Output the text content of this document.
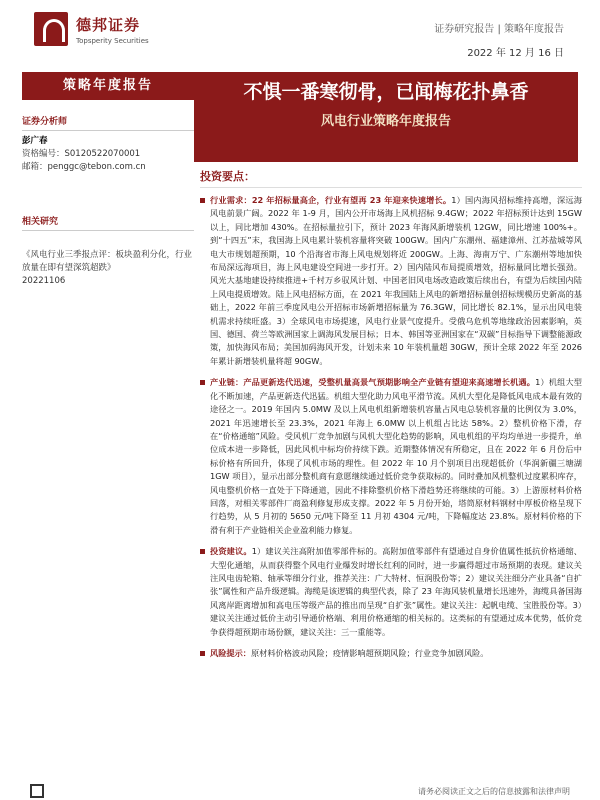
德邦证券
Topsperity Securities
证券研究报告 | 策略年度报告
2022 年 12 月 16 日
策略年度报告
证券分析师
彭广春
资格编号：S0120522070001
邮箱：penggc@tebon.com.cn
相关研究
《风电行业三季报点评：板块盈利分化，行业放量在即有望深筑超跌》
20221106
不惧一番寒彻骨，已闻梅花扑鼻香
风电行业策略年度报告
投资要点：
行业需求：22 年招标量高企，行业有望再 23 年迎来快速增长。1）国内海风招标维持高增，深远海风电前景广阔。2022 年 1-9 月，国内公开市场海上风机招标 9.4GW；2022 年招标预计达到 15GW 以上，同比增加 430%。在招标量拉引下，预计 2023 年海风新增装机 12GW，同比增速 100%+。到“十四五”末，我国海上风电累计装机容量将突破 100GW。国内广东潮州、福建漳州、江苏盐城等风电大市规划超预期，10 个沿海省市海上风电规划将近 200GW。上海、海南万宁、广东潮州等地加快布局深远海项目，海上风电建设空间进一步打开。2）国内陆风布局提质增效，招标量同比增长强劲。风光大基地建设持续推进+千村万乡驭风计划、中国老旧风电场改造政策后续出台，有望为后续国内陆上风电提质增效。陆上风电招标方面，在 2021 年我国陆上风电的新增招标量创招标规模历史新高的基础上，2022 年前三季度风电公开招标市场新增招标量为 76.3GW，同比增长 82.1%，显示出风电装机需求持续旺盛。3）全球风电市场提速，风电行业景气度提升。受俄乌危机等地缘政治因素影响，英国、德国、荷兰等欧洲国家上调海风发展目标；日本、韩国等亚洲国家在“双碳”目标指导下调整能源政策，加快海风布局；美国加码海风开发，计划未来 10 年装机量超 30GW，预计全球 2022 年至 2026 年累计新增装机量将超 90GW。
产业链：产品更新迭代迅速，受整机量高景气预期影响全产业链有望迎来高速增长机遇。1）机组大型化不断加速，产品更新迭代迅猛。机组大型化助力风电平滑节流。风机大型化是降低风电成本最有效的途径之一。2019 年国内 5.0MW 及以上风电机组新增装机容量占风电总装机容量的比例仅为 3.0%，2021 年迅速增长至 23.3%，2021 年海上 6.0MW 以上机组占比达 58%。2）整机价格下滑，存在“价格通缩”风险。受风机厂竞争加剧与风机大型化趋势的影响，风电机组的平均均单进一步提升，单位成本进一步降低，因此风机中标均价持续下跌。近期整体情况有所稳定，且在 2022 年 6 月份后中标价格有所回升，体现了风机市场的理性。但 2022 年 10 月个别项目出现超低价（华润新疆三塘湖 1GW 项目），显示出部分整机商有意愿继续通过低价竞争获取标的。同时叠加风机整机过度累积库存，风电整机价格一直处于下降通道，因此不排除整机价格下滑趋势还将继续的可能。3）上游原材料价格回落，对相关零部件厂商盈利修复形成支撑。2022 年 5 月份开始，塔筒原材料钢材中厚板价格呈现下行趋势，从 5 月初的 5650 元/吨下降至 11 月初 4304 元/吨，下降幅度达 23.8%。原材料价格的下滑有利于产业链相关企业盈利能力修复。
投资建议。1）建议关注高附加值零部件标的。高附加值零部件有望通过自身价值属性抵抗价格通缩、大型化通缩，从而获得整个风电行业爆发时增长红利的同时，进一步赢得超过市场预期的表现。建议关注风电齿轮箱、轴承等细分行业，推荐关注：广大特材、恒润股份等；2）建议关注细分产业具备“自扩张”属性和产品升级逻辑。海缆是该逻辑的典型代表，除了 23 年海风装机量增长迅速外，海缆具备国海风离岸距离增加和高电压等级产品的推出而呈现“自扩张”属性。建议关注：起帆电缆、宝胜股份等。3）建议关注通过低价主动引导通价格端、利用价格通缩的相关标的。这类标的有望通过成本优势，低价竞争获得超预期市场份额，建议关注：三一重能等。
风险提示：原材料价格波动风险；疫情影响超预期风险；行业竞争加剧风险。
请务必阅读正文之后的信息披露和法律声明
